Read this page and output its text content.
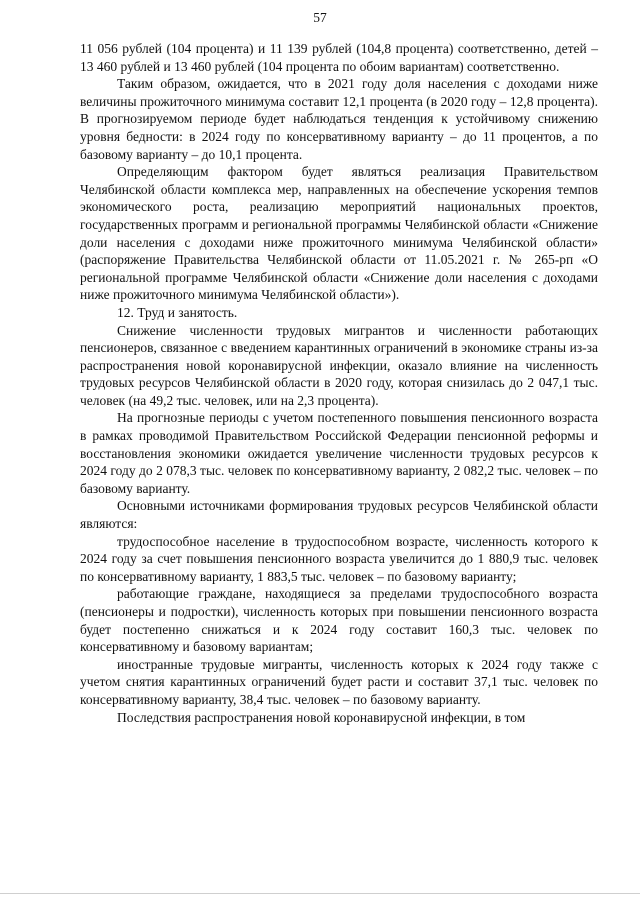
57

11 056 рублей (104 процента) и 11 139 рублей (104,8 процента) соответственно, детей – 13 460 рублей и 13 460 рублей (104 процента по обоим вариантам) соответственно.

Таким образом, ожидается, что в 2021 году доля населения с доходами ниже величины прожиточного минимума составит 12,1 процента (в 2020 году – 12,8 процента). В прогнозируемом периоде будет наблюдаться тенденция к устойчивому снижению уровня бедности: в 2024 году по консервативному варианту – до 11 процентов, а по базовому варианту – до 10,1 процента.

Определяющим фактором будет являться реализация Правительством Челябинской области комплекса мер, направленных на обеспечение ускорения темпов экономического роста, реализацию мероприятий национальных проектов, государственных программ и региональной программы Челябинской области «Снижение доли населения с доходами ниже прожиточного минимума Челябинской области» (распоряжение Правительства Челябинской области от 11.05.2021 г. № 265-рп «О региональной программе Челябинской области «Снижение доли населения с доходами ниже прожиточного минимума Челябинской области»).

12. Труд и занятость.

Снижение численности трудовых мигрантов и численности работающих пенсионеров, связанное с введением карантинных ограничений в экономике страны из-за распространения новой коронавирусной инфекции, оказало влияние на численность трудовых ресурсов Челябинской области в 2020 году, которая снизилась до 2 047,1 тыс. человек (на 49,2 тыс. человек, или на 2,3 процента).

На прогнозные периоды с учетом постепенного повышения пенсионного возраста в рамках проводимой Правительством Российской Федерации пенсионной реформы и восстановления экономики ожидается увеличение численности трудовых ресурсов к 2024 году до 2 078,3 тыс. человек по консервативному варианту, 2 082,2 тыс. человек – по базовому варианту.

Основными источниками формирования трудовых ресурсов Челябинской области являются:

трудоспособное население в трудоспособном возрасте, численность которого к 2024 году за счет повышения пенсионного возраста увеличится до 1 880,9 тыс. человек по консервативному варианту, 1 883,5 тыс. человек – по базовому варианту;

работающие граждане, находящиеся за пределами трудоспособного возраста (пенсионеры и подростки), численность которых при повышении пенсионного возраста будет постепенно снижаться и к 2024 году составит 160,3 тыс. человек по консервативному и базовому вариантам;

иностранные трудовые мигранты, численность которых к 2024 году также с учетом снятия карантинных ограничений будет расти и составит 37,1 тыс. человек по консервативному варианту, 38,4 тыс. человек – по базовому варианту.

Последствия распространения новой коронавирусной инфекции, в том
